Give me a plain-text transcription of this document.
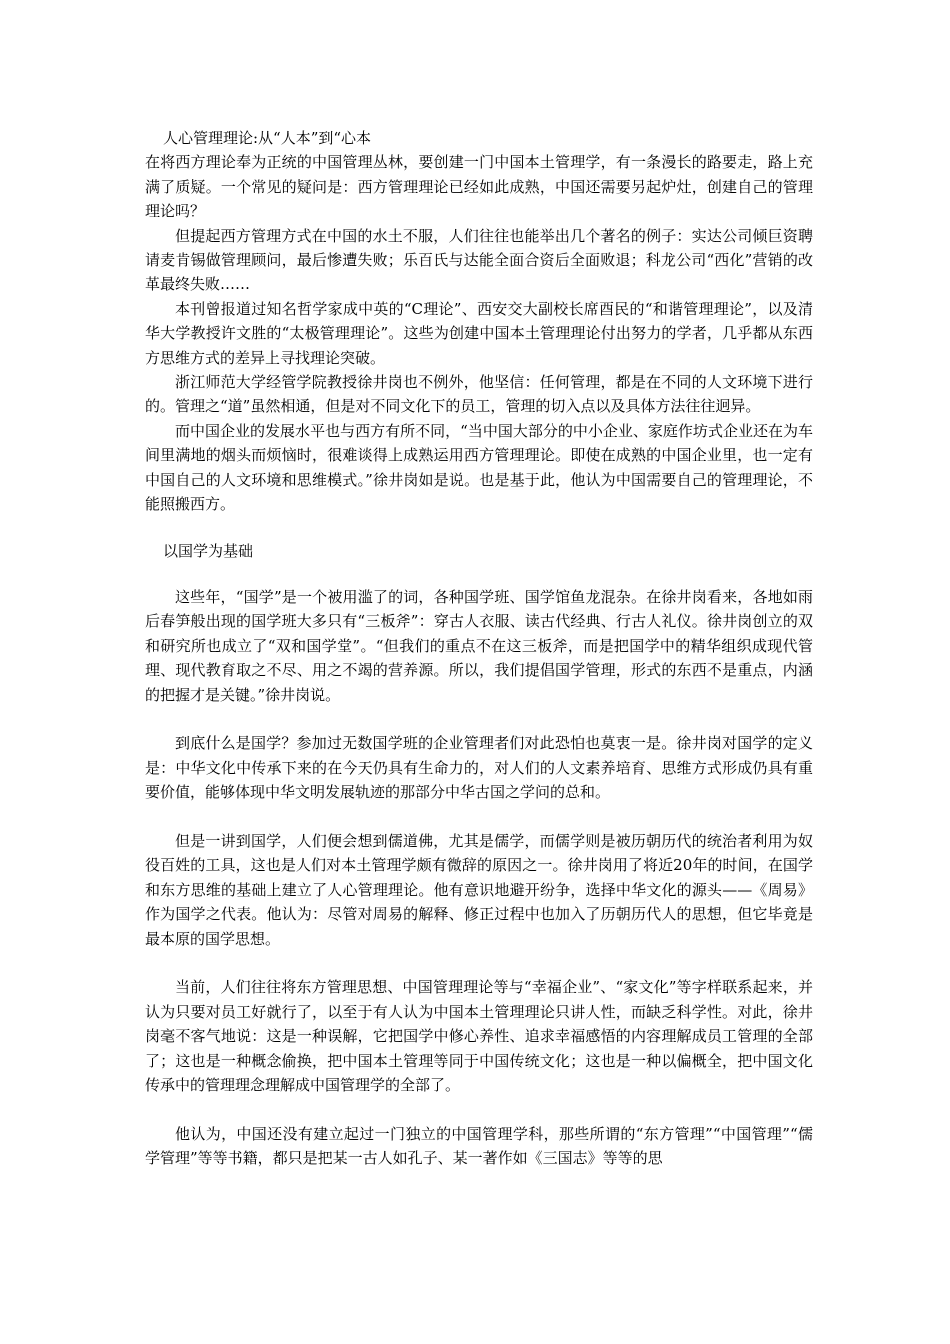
人心管理理论:从“人本”到“心本

在将西方理论奉为正统的中国管理丛林，要创建一门中国本土管理学，有一条漫长的路要走，路上充满了质疑。一个常见的疑问是：西方管理理论已经如此成熟，中国还需要另起炉灶，创建自己的管理理论吗？

但提起西方管理方式在中国的水土不服，人们往往也能举出几个著名的例子：实达公司倾巨资聘请麦肯锡做管理顾问，最后惨遭失败；乐百氏与达能全面合资后全面败退；科龙公司“西化”营销的改革最终失败……

本刊曾报道过知名哲学家成中英的“C理论”、西安交大副校长席酉民的“和谐管理理论”，以及清华大学教授许文胜的“太极管理理论”。这些为创建中国本土管理理论付出努力的学者，几乎都从东西方思维方式的差异上寻找理论突破。

浙江师范大学经管学院教授徐井岗也不例外，他坚信：任何管理，都是在不同的人文环境下进行的。管理之“道”虽然相通，但是对不同文化下的员工，管理的切入点以及具体方法往往迥异。

而中国企业的发展水平也与西方有所不同，“当中国大部分的中小企业、家庭作坊式企业还在为车间里满地的烟头而烦恼时，很难谈得上成熟运用西方管理理论。即使在成熟的中国企业里，也一定有中国自己的人文环境和思维模式。”徐井岗如是说。也是基于此，他认为中国需要自己的管理理论，不能照搬西方。

以国学为基础

这些年，“国学”是一个被用滥了的词，各种国学班、国学馆鱼龙混杂。在徐井岗看来，各地如雨后春笋般出现的国学班大多只有“三板斧”：穿古人衣服、读古代经典、行古人礼仪。徐井岗创立的双和研究所也成立了“双和国学堂”。“但我们的重点不在这三板斧，而是把国学中的精华组织成现代管理、现代教育取之不尽、用之不竭的营养源。所以，我们提倡国学管理，形式的东西不是重点，内涵的把握才是关键。”徐井岗说。

到底什么是国学？参加过无数国学班的企业管理者们对此恐怕也莫衷一是。徐井岗对国学的定义是：中华文化中传承下来的在今天仍具有生命力的，对人们的人文素养培育、思维方式形成仍具有重要价值，能够体现中华文明发展轨迹的那部分中华古国之学问的总和。

但是一讲到国学，人们便会想到儒道佛，尤其是儒学，而儒学则是被历朝历代的统治者利用为奴役百姓的工具，这也是人们对本土管理学颇有微辞的原因之一。徐井岗用了将近20年的时间，在国学和东方思维的基础上建立了人心管理理论。他有意识地避开纷争，选择中华文化的源头——《周易》作为国学之代表。他认为：尽管对周易的解释、修正过程中也加入了历朝历代人的思想，但它毕竟是最本原的国学思想。

当前，人们往往将东方管理思想、中国管理理论等与“幸福企业”、“家文化”等字样联系起来，并认为只要对员工好就行了，以至于有人认为中国本土管理理论只讲人性，而缺乏科学性。对此，徐井岗毫不客气地说：这是一种误解，它把国学中修心养性、追求幸福感悟的内容理解成员工管理的全部了；这也是一种概念偷换，把中国本土管理等同于中国传统文化；这也是一种以偏概全，把中国文化传承中的管理理念理解成中国管理学的全部了。

他认为，中国还没有建立起过一门独立的中国管理学科，那些所谓的“东方管理”“中国管理”“儒学管理”等等书籍，都只是把某一古人如孔子、某一著作如《三国志》等等的思
